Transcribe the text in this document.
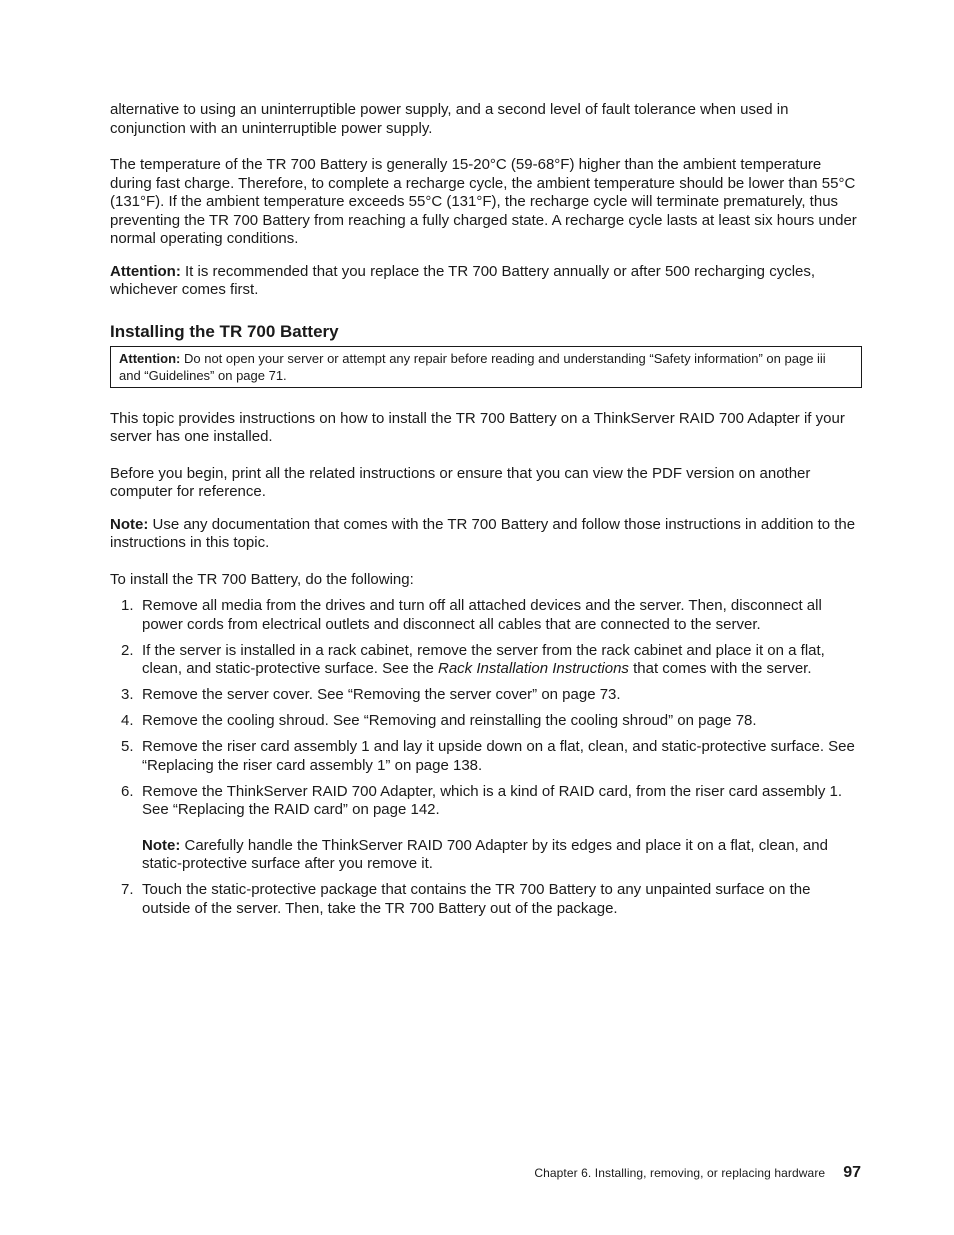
alternative to using an uninterruptible power supply, and a second level of fault tolerance when used in conjunction with an uninterruptible power supply.

The temperature of the TR 700 Battery is generally 15-20°C (59-68°F) higher than the ambient temperature during fast charge. Therefore, to complete a recharge cycle, the ambient temperature should be lower than 55°C (131°F). If the ambient temperature exceeds 55°C (131°F), the recharge cycle will terminate prematurely, thus preventing the TR 700 Battery from reaching a fully charged state. A recharge cycle lasts at least six hours under normal operating conditions.

Attention: It is recommended that you replace the TR 700 Battery annually or after 500 recharging cycles, whichever comes first.

Installing the TR 700 Battery
Attention: Do not open your server or attempt any repair before reading and understanding “Safety information” on page iii and “Guidelines” on page 71.

This topic provides instructions on how to install the TR 700 Battery on a ThinkServer RAID 700 Adapter if your server has one installed.

Before you begin, print all the related instructions or ensure that you can view the PDF version on another computer for reference.

Note: Use any documentation that comes with the TR 700 Battery and follow those instructions in addition to the instructions in this topic.

To install the TR 700 Battery, do the following:

1. Remove all media from the drives and turn off all attached devices and the server. Then, disconnect all power cords from electrical outlets and disconnect all cables that are connected to the server.
2. If the server is installed in a rack cabinet, remove the server from the rack cabinet and place it on a flat, clean, and static-protective surface. See the Rack Installation Instructions that comes with the server.
3. Remove the server cover. See “Removing the server cover” on page 73.
4. Remove the cooling shroud. See “Removing and reinstalling the cooling shroud” on page 78.
5. Remove the riser card assembly 1 and lay it upside down on a flat, clean, and static-protective surface. See “Replacing the riser card assembly 1” on page 138.
6. Remove the ThinkServer RAID 700 Adapter, which is a kind of RAID card, from the riser card assembly 1. See “Replacing the RAID card” on page 142.
Note: Carefully handle the ThinkServer RAID 700 Adapter by its edges and place it on a flat, clean, and static-protective surface after you remove it.
7. Touch the static-protective package that contains the TR 700 Battery to any unpainted surface on the outside of the server. Then, take the TR 700 Battery out of the package.
Chapter 6. Installing, removing, or replacing hardware 97
